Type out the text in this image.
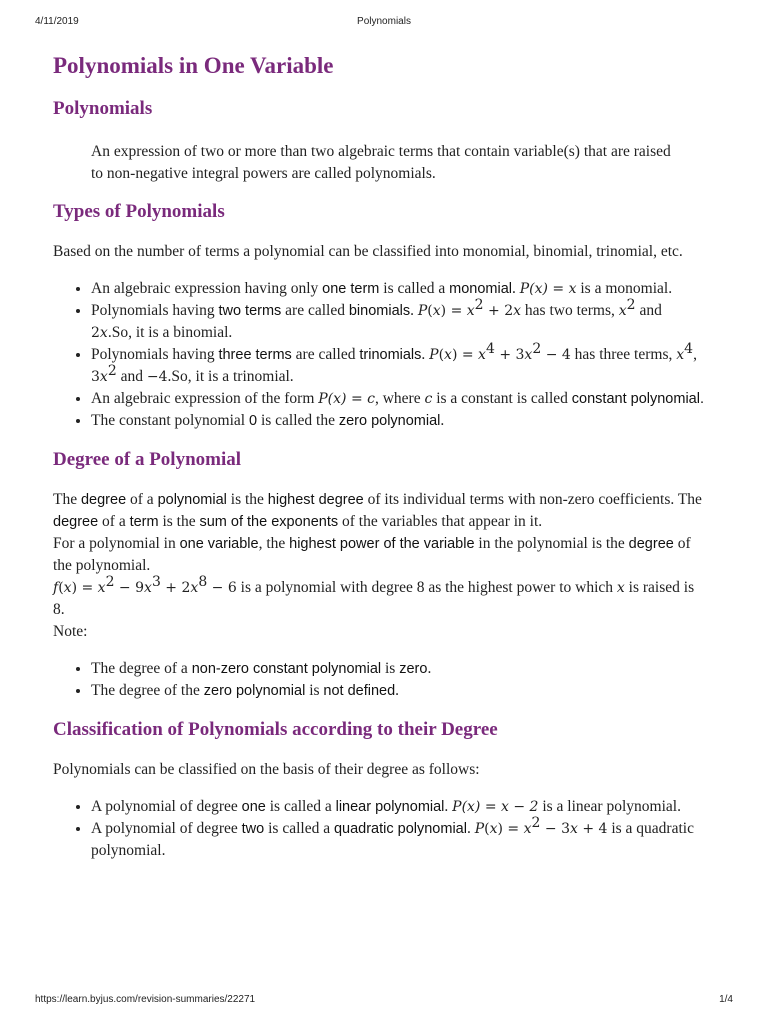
4/11/2019	Polynomials
Polynomials in One Variable
Polynomials

An expression of two or more than two algebraic terms that contain variable(s) that are raised to non-negative integral powers are called polynomials.

Types of Polynomials

Based on the number of terms a polynomial can be classified into monomial, binomial, trinomial, etc.

• An algebraic expression having only one term is called a monomial. P(x) = x is a monomial.
• Polynomials having two terms are called binomials. $P(x) = x^2 + 2x$ has two terms, $x^2$ and 2x.So, it is a binomial.
• Polynomials having three terms are called trinomials. $P(x) = x^4 + 3x^2 - 4$ has three terms, $x^4$, $3x^2$ and −4.So, it is a trinomial.
• An algebraic expression of the form P(x) = c, where c is a constant is called constant polynomial.
• The constant polynomial 0 is called the zero polynomial.
Degree of a Polynomial

The degree of a polynomial is the highest degree of its individual terms with non-zero coefficients. The degree of a term is the sum of the exponents of the variables that appear in it.

For a polynomial in one variable, the highest power of the variable in the polynomial is the degree of the polynomial.

$f(x) = x^2 - 9x^3 + 2x^8 - 6$ is a polynomial with degree 8 as the highest power to which x is raised is 8.

Note:

• The degree of a non-zero constant polynomial is zero.
• The degree of the zero polynomial is not defined.
Classification of Polynomials according to their Degree

Polynomials can be classified on the basis of their degree as follows:

• A polynomial of degree one is called a linear polynomial. P(x) = x − 2 is a linear polynomial.
• A polynomial of degree two is called a quadratic polynomial. $P(x) = x^2 - 3x + 4$ is a quadratic polynomial.
https://learn.byjus.com/revision-summaries/22271	1/4
